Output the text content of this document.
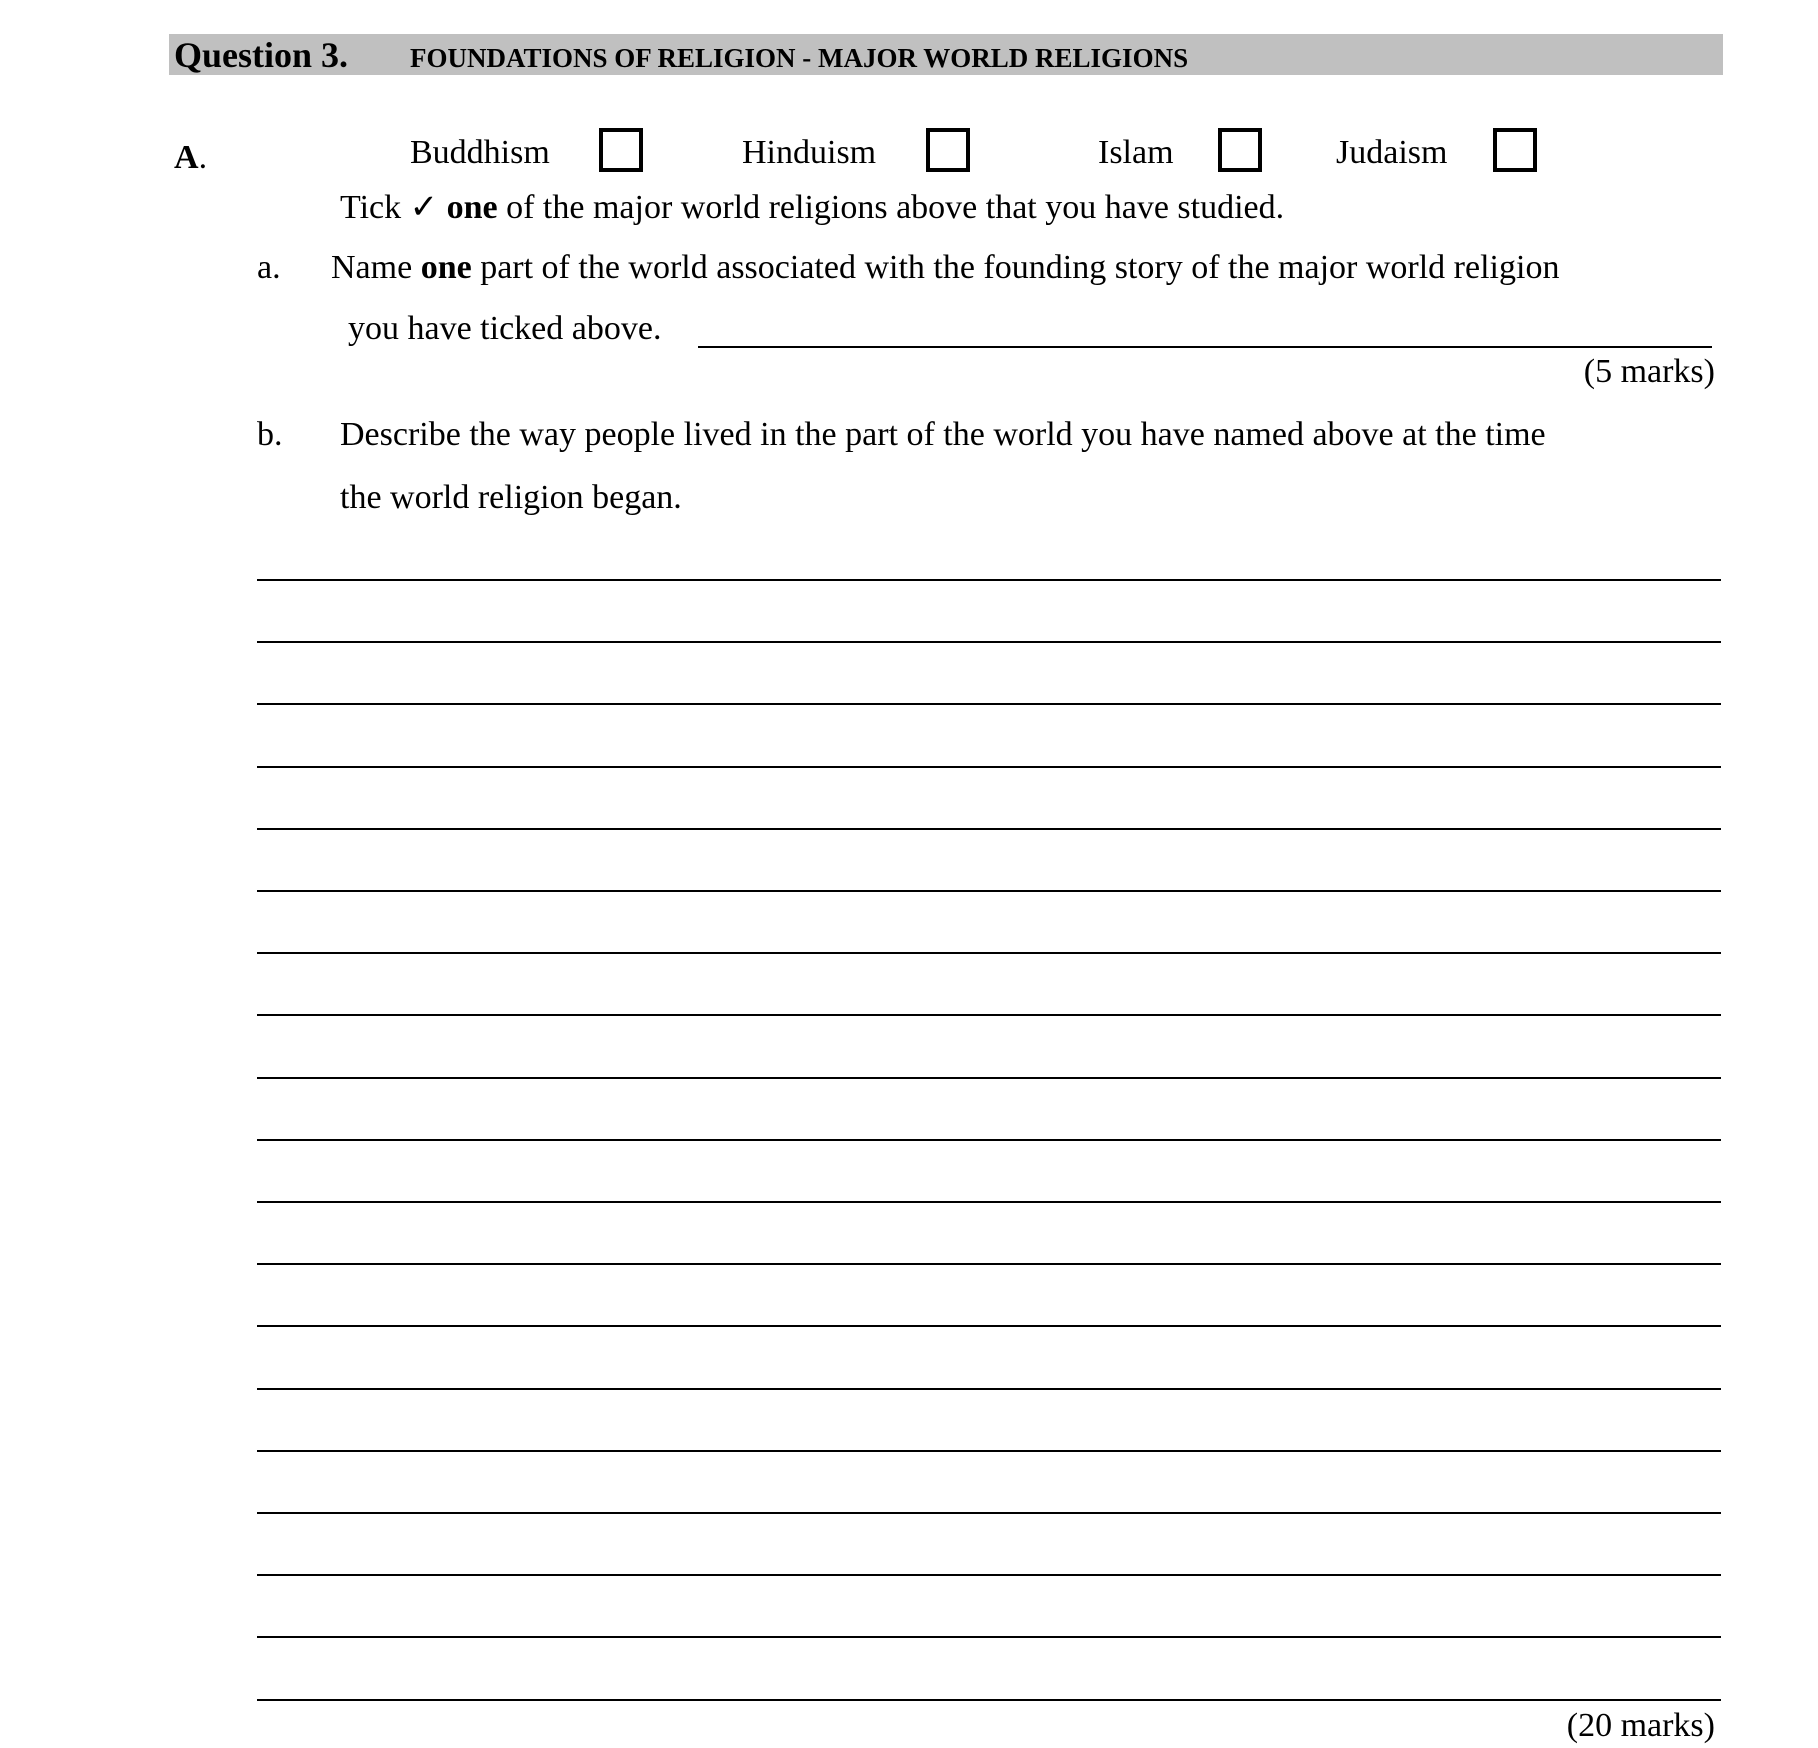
Question 3. FOUNDATIONS OF RELIGION - MAJOR WORLD RELIGIONS
A.	Buddhism	Hinduism	Islam	Judaism
Tick ✓ one of the major world religions above that you have studied.
a. Name one part of the world associated with the founding story of the major world religion
you have ticked above.
(5 marks)
b. Describe the way people lived in the part of the world you have named above at the time
the world religion began.
(20 marks)
